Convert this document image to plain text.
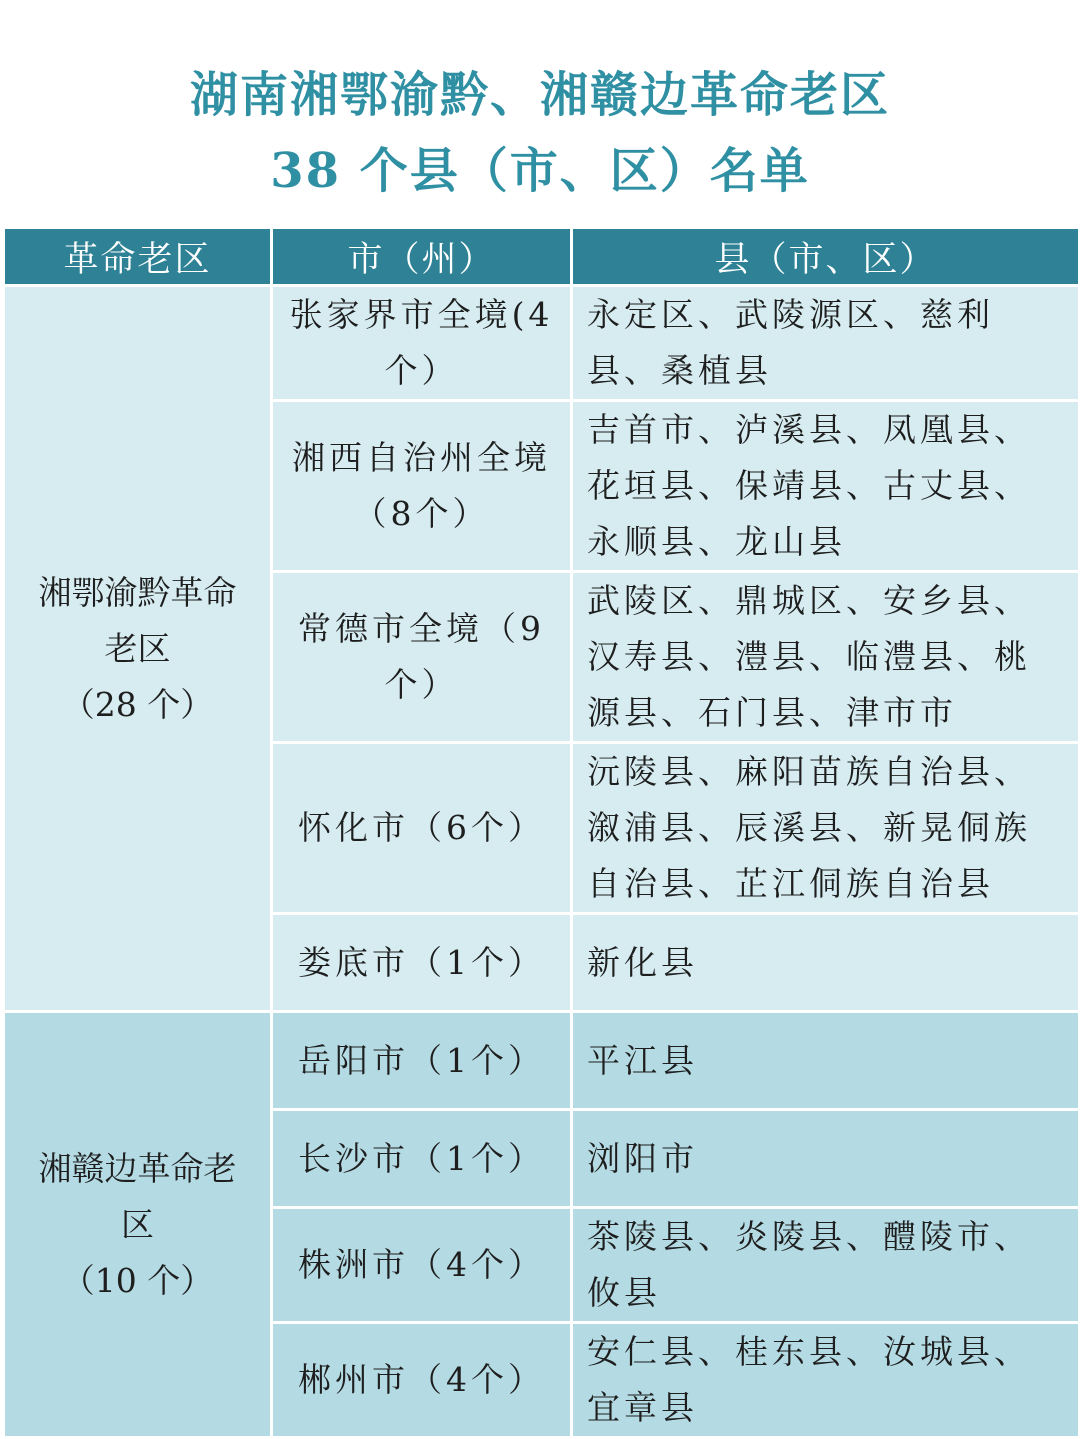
湖南湘鄂渝黔、湘赣边革命老区
38 个县（市、区）名单
革命老区	市（州）	县（市、区）

湘鄂渝黔革命老区
（28 个）	张家界市全境(4个）	永定区、武陵源区、慈利县、桑植县
	湘西自治州全境（8个）	吉首市、泸溪县、凤凰县、花垣县、保靖县、古丈县、永顺县、龙山县
	常德市全境（9个）	武陵区、鼎城区、安乡县、汉寿县、澧县、临澧县、桃源县、石门县、津市市
	怀化市（6个）	沅陵县、麻阳苗族自治县、溆浦县、辰溪县、新晃侗族自治县、芷江侗族自治县
	娄底市（1个）	新化县

湘赣边革命老区
（10 个）	岳阳市（1个）	平江县
	长沙市（1个）	浏阳市
	株洲市（4个）	茶陵县、炎陵县、醴陵市、攸县
	郴州市（4个）	安仁县、桂东县、汝城县、宜章县
